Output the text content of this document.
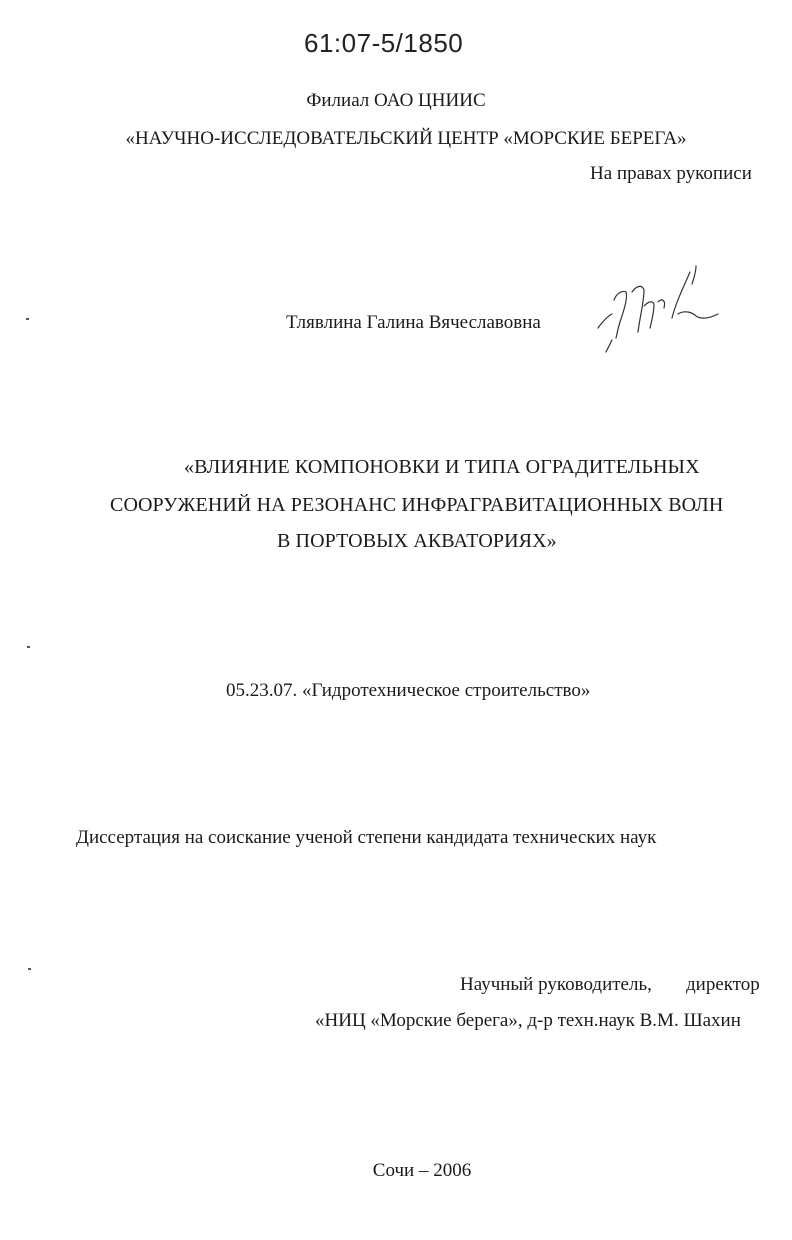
61:07-5/1850
Филиал ОАО ЦНИИС
«НАУЧНО-ИССЛЕДОВАТЕЛЬСКИЙ ЦЕНТР «МОРСКИЕ БЕРЕГА»
На правах рукописи
Тлявлина Галина Вячеславовна
«ВЛИЯНИЕ КОМПОНОВКИ И ТИПА ОГРАДИТЕЛЬНЫХ
СООРУЖЕНИЙ НА РЕЗОНАНС ИНФРАГРАВИТАЦИОННЫХ ВОЛН
В ПОРТОВЫХ АКВАТОРИЯХ»
05.23.07. «Гидротехническое строительство»
Диссертация на соискание ученой степени кандидата технических наук
Научный руководитель, директор
«НИЦ «Морские берега», д-р техн.наук В.М. Шахин
Сочи – 2006
